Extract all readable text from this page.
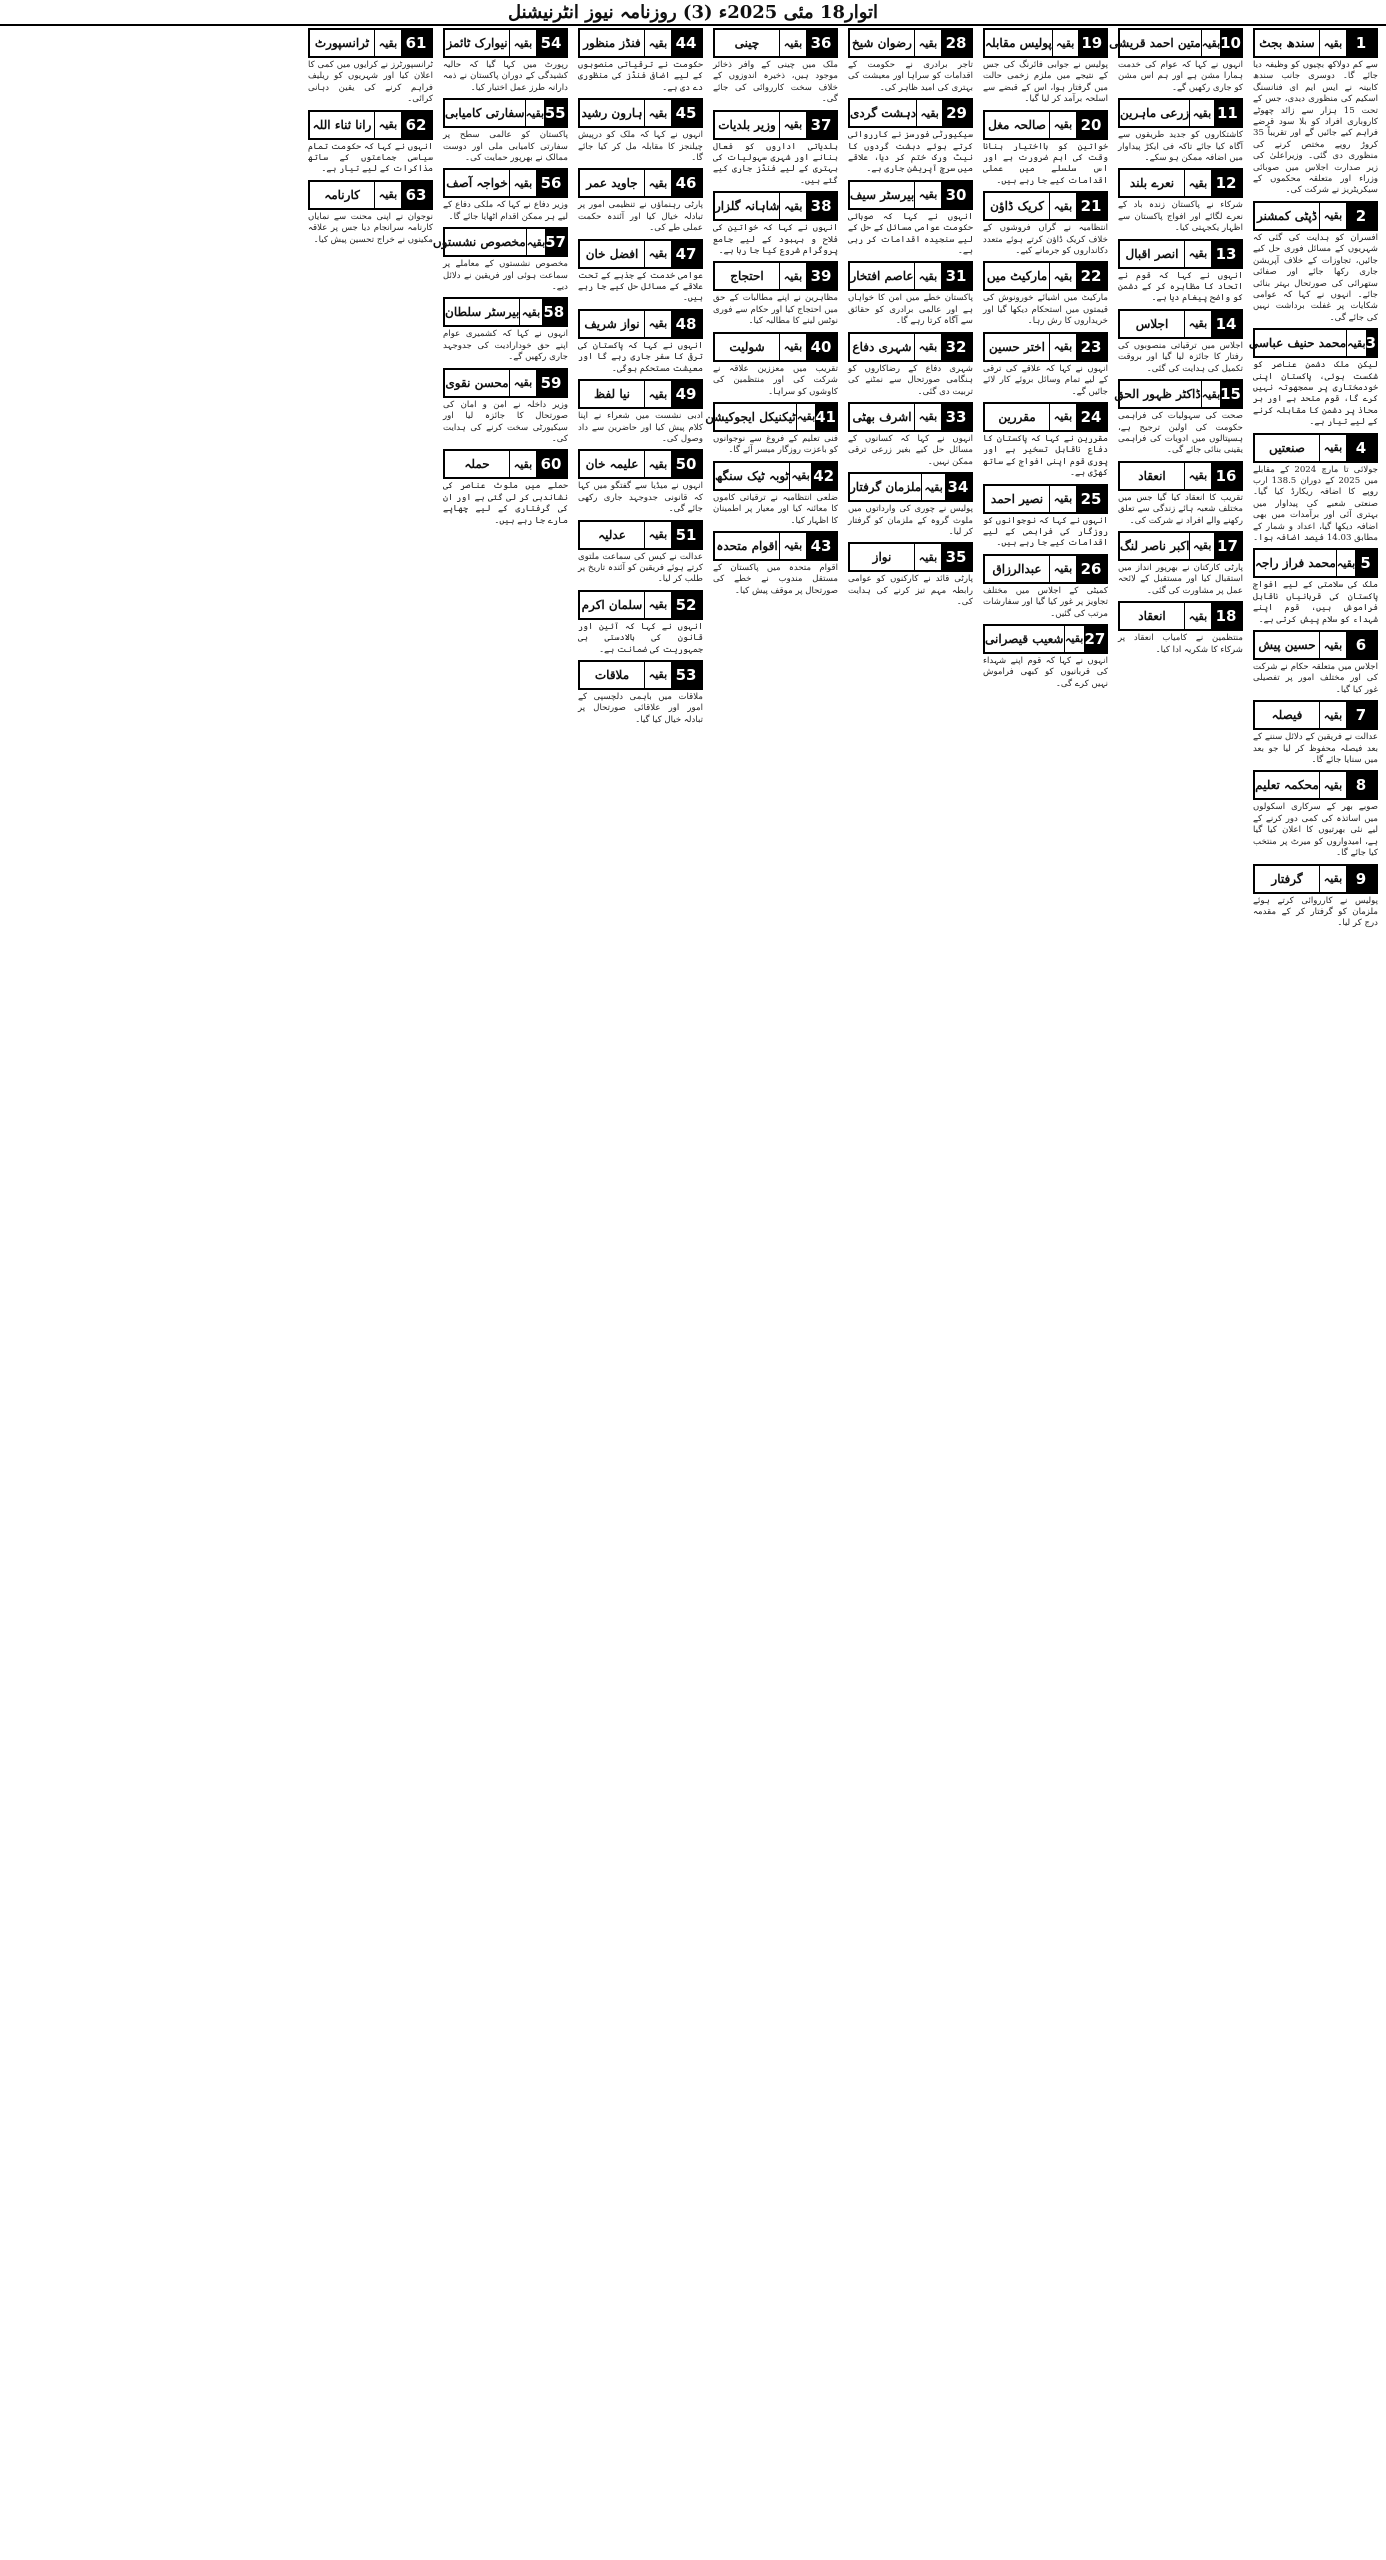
اتوار18 مئی 2025ء (3) روزنامہ نیوز انٹرنیشنل
1
بقیہ
سندھ بجٹ
سے کم دولاکھ بچیوں کو وظیفہ دیا جائے گا۔ دوسری جانب سندھ کابینہ نے ایس ایم ای فنانسنگ اسکیم کی منظوری دیدی، جس کے تحت 15 ہزار سے زائد چھوٹے کاروباری افراد کو بلا سود قرضے فراہم کیے جائیں گے اور تقریباً 35 کروڑ روپے مختص کرنے کی منظوری دی گئی۔ وزیراعلیٰ کی زیر صدارت اجلاس میں صوبائی وزراء اور متعلقہ محکموں کے سیکریٹریز نے شرکت کی۔
2
بقیہ
ڈپٹی کمشنر
افسران کو ہدایت کی گئی کہ شہریوں کے مسائل فوری حل کیے جائیں، تجاوزات کے خلاف آپریشن جاری رکھا جائے اور صفائی ستھرائی کی صورتحال بہتر بنائی جائے۔ انہوں نے کہا کہ عوامی شکایات پر غفلت برداشت نہیں کی جائے گی۔
3
بقیہ
محمد حنیف عباسی
لیکن ملک دشمن عناصر کو شکست ہوئی، پاکستان اپنی خودمختاری پر سمجھوتہ نہیں کرے گا، قوم متحد ہے اور ہر محاذ پر دشمن کا مقابلہ کرنے کے لیے تیار ہے۔
4
بقیہ
صنعتیں
جولائی تا مارچ 2024 کے مقابلے میں 2025 کے دوران 138.5 ارب روپے کا اضافہ ریکارڈ کیا گیا۔ صنعتی شعبے کی پیداوار میں بہتری آئی اور برآمدات میں بھی اضافہ دیکھا گیا، اعداد و شمار کے مطابق 14.03 فیصد اضافہ ہوا۔
5
بقیہ
محمد فراز راجہ
ملک کی سلامتی کے لیے افواج پاکستان کی قربانیاں ناقابل فراموش ہیں، قوم اپنے شہداء کو سلام پیش کرتی ہے۔
6
بقیہ
حسین پیش
اجلاس میں متعلقہ حکام نے شرکت کی اور مختلف امور پر تفصیلی غور کیا گیا۔
7
بقیہ
فیصلہ
عدالت نے فریقین کے دلائل سننے کے بعد فیصلہ محفوظ کر لیا جو بعد میں سنایا جائے گا۔
8
بقیہ
محکمہ تعلیم
صوبے بھر کے سرکاری اسکولوں میں اساتذہ کی کمی دور کرنے کے لیے نئی بھرتیوں کا اعلان کیا گیا ہے، امیدواروں کو میرٹ پر منتخب کیا جائے گا۔
9
بقیہ
گرفتار
پولیس نے کارروائی کرتے ہوئے ملزمان کو گرفتار کر کے مقدمہ درج کر لیا۔
10
بقیہ
متین احمد قریشی
انہوں نے کہا کہ عوام کی خدمت ہمارا مشن ہے اور ہم اس مشن کو جاری رکھیں گے۔
11
بقیہ
زرعی ماہرین
کاشتکاروں کو جدید طریقوں سے آگاہ کیا جائے تاکہ فی ایکڑ پیداوار میں اضافہ ممکن ہو سکے۔
12
بقیہ
نعرے بلند
شرکاء نے پاکستان زندہ باد کے نعرے لگائے اور افواج پاکستان سے اظہار یکجہتی کیا۔
13
بقیہ
انصر اقبال
انہوں نے کہا کہ قوم نے اتحاد کا مظاہرہ کر کے دشمن کو واضح پیغام دیا ہے۔
14
بقیہ
اجلاس
اجلاس میں ترقیاتی منصوبوں کی رفتار کا جائزہ لیا گیا اور بروقت تکمیل کی ہدایت کی گئی۔
15
بقیہ
ڈاکٹر ظہور الحق
صحت کی سہولیات کی فراہمی حکومت کی اولین ترجیح ہے، ہسپتالوں میں ادویات کی فراہمی یقینی بنائی جائے گی۔
16
بقیہ
انعقاد
تقریب کا انعقاد کیا گیا جس میں مختلف شعبہ ہائے زندگی سے تعلق رکھنے والے افراد نے شرکت کی۔
17
بقیہ
اکبر ناصر لنگ
پارٹی کارکنان نے بھرپور انداز میں استقبال کیا اور مستقبل کے لائحہ عمل پر مشاورت کی گئی۔
18
بقیہ
انعقاد
منتظمین نے کامیاب انعقاد پر شرکاء کا شکریہ ادا کیا۔
19
بقیہ
پولیس مقابلہ
پولیس نے جوابی فائرنگ کی جس کے نتیجے میں ملزم زخمی حالت میں گرفتار ہوا، اس کے قبضے سے اسلحہ برآمد کر لیا گیا۔
20
بقیہ
صالحہ مغل
خواتین کو بااختیار بنانا وقت کی اہم ضرورت ہے اور اس سلسلے میں عملی اقدامات کیے جا رہے ہیں۔
21
بقیہ
کریک ڈاؤن
انتظامیہ نے گراں فروشوں کے خلاف کریک ڈاؤن کرتے ہوئے متعدد دکانداروں کو جرمانے کیے۔
22
بقیہ
مارکیٹ میں
مارکیٹ میں اشیائے خورونوش کی قیمتوں میں استحکام دیکھا گیا اور خریداروں کا رش رہا۔
23
بقیہ
اختر حسین
انہوں نے کہا کہ علاقے کی ترقی کے لیے تمام وسائل بروئے کار لائے جائیں گے۔
24
بقیہ
مقررین
مقررین نے کہا کہ پاکستان کا دفاع ناقابل تسخیر ہے اور پوری قوم اپنی افواج کے ساتھ کھڑی ہے۔
25
بقیہ
نصیر احمد
انہوں نے کہا کہ نوجوانوں کو روزگار کی فراہمی کے لیے اقدامات کیے جا رہے ہیں۔
26
بقیہ
عبدالرزاق
کمیٹی کے اجلاس میں مختلف تجاویز پر غور کیا گیا اور سفارشات مرتب کی گئیں۔
27
بقیہ
شعیب قیصرانی
انہوں نے کہا کہ قوم اپنے شہداء کی قربانیوں کو کبھی فراموش نہیں کرے گی۔
28
بقیہ
رضوان شیخ
تاجر برادری نے حکومت کے اقدامات کو سراہا اور معیشت کی بہتری کی امید ظاہر کی۔
29
بقیہ
دہشت گردی
سیکیورٹی فورسز نے کارروائی کرتے ہوئے دہشت گردوں کا نیٹ ورک ختم کر دیا، علاقے میں سرچ آپریشن جاری ہے۔
30
بقیہ
بیرسٹر سیف
انہوں نے کہا کہ صوبائی حکومت عوامی مسائل کے حل کے لیے سنجیدہ اقدامات کر رہی ہے۔
31
بقیہ
عاصم افتخار
پاکستان خطے میں امن کا خواہاں ہے اور عالمی برادری کو حقائق سے آگاہ کرتا رہے گا۔
32
بقیہ
شہری دفاع
شہری دفاع کے رضاکاروں کو ہنگامی صورتحال سے نمٹنے کی تربیت دی گئی۔
33
بقیہ
اشرف بھٹی
انہوں نے کہا کہ کسانوں کے مسائل حل کیے بغیر زرعی ترقی ممکن نہیں۔
34
بقیہ
ملزمان گرفتار
پولیس نے چوری کی وارداتوں میں ملوث گروہ کے ملزمان کو گرفتار کر لیا۔
35
بقیہ
نواز
پارٹی قائد نے کارکنوں کو عوامی رابطہ مہم تیز کرنے کی ہدایت کی۔
36
بقیہ
چینی
ملک میں چینی کے وافر ذخائر موجود ہیں، ذخیرہ اندوزوں کے خلاف سخت کارروائی کی جائے گی۔
37
بقیہ
وزیر بلدیات
بلدیاتی اداروں کو فعال بنانے اور شہری سہولیات کی بہتری کے لیے فنڈز جاری کیے گئے ہیں۔
38
بقیہ
شاہانہ گلزار
انہوں نے کہا کہ خواتین کی فلاح و بہبود کے لیے جامع پروگرام شروع کیا جا رہا ہے۔
39
بقیہ
احتجاج
مظاہرین نے اپنے مطالبات کے حق میں احتجاج کیا اور حکام سے فوری نوٹس لینے کا مطالبہ کیا۔
40
بقیہ
شولیت
تقریب میں معززین علاقہ نے شرکت کی اور منتظمین کی کاوشوں کو سراہا۔
41
بقیہ
ٹیکنیکل ایجوکیشن
فنی تعلیم کے فروغ سے نوجوانوں کو باعزت روزگار میسر آئے گا۔
42
بقیہ
ٹوبہ ٹیک سنگھ
ضلعی انتظامیہ نے ترقیاتی کاموں کا معائنہ کیا اور معیار پر اطمینان کا اظہار کیا۔
43
بقیہ
اقوام متحدہ
اقوام متحدہ میں پاکستان کے مستقل مندوب نے خطے کی صورتحال پر موقف پیش کیا۔
44
بقیہ
فنڈز منظور
حکومت نے ترقیاتی منصوبوں کے لیے اضافی فنڈز کی منظوری دے دی ہے۔
45
بقیہ
ہارون رشید
انہوں نے کہا کہ ملک کو درپیش چیلنجز کا مقابلہ مل کر کیا جائے گا۔
46
بقیہ
جاوید عمر
پارٹی رہنماؤں نے تنظیمی امور پر تبادلہ خیال کیا اور آئندہ حکمت عملی طے کی۔
47
بقیہ
افضل خان
عوامی خدمت کے جذبے کے تحت علاقے کے مسائل حل کیے جا رہے ہیں۔
48
بقیہ
نواز شریف
انہوں نے کہا کہ پاکستان کی ترقی کا سفر جاری رہے گا اور معیشت مستحکم ہوگی۔
49
بقیہ
نیا لفظ
ادبی نشست میں شعراء نے اپنا کلام پیش کیا اور حاضرین سے داد وصول کی۔
50
بقیہ
علیمہ خان
انہوں نے میڈیا سے گفتگو میں کہا کہ قانونی جدوجہد جاری رکھی جائے گی۔
51
بقیہ
عدلیہ
عدالت نے کیس کی سماعت ملتوی کرتے ہوئے فریقین کو آئندہ تاریخ پر طلب کر لیا۔
52
بقیہ
سلمان اکرم
انہوں نے کہا کہ آئین اور قانون کی بالادستی ہی جمہوریت کی ضمانت ہے۔
53
بقیہ
ملاقات
ملاقات میں باہمی دلچسپی کے امور اور علاقائی صورتحال پر تبادلہ خیال کیا گیا۔
54
بقیہ
نیوارک ٹائمز
رپورٹ میں کہا گیا کہ حالیہ کشیدگی کے دوران پاکستان نے ذمہ دارانہ طرز عمل اختیار کیا۔
55
بقیہ
سفارتی کامیابی
پاکستان کو عالمی سطح پر سفارتی کامیابی ملی اور دوست ممالک نے بھرپور حمایت کی۔
56
بقیہ
خواجہ آصف
وزیر دفاع نے کہا کہ ملکی دفاع کے لیے ہر ممکن اقدام اٹھایا جائے گا۔
57
بقیہ
مخصوص نشستوں
مخصوص نشستوں کے معاملے پر سماعت ہوئی اور فریقین نے دلائل دیے۔
58
بقیہ
بیرسٹر سلطان
انہوں نے کہا کہ کشمیری عوام اپنے حق خودارادیت کی جدوجہد جاری رکھیں گے۔
59
بقیہ
محسن نقوی
وزیر داخلہ نے امن و امان کی صورتحال کا جائزہ لیا اور سیکیورٹی سخت کرنے کی ہدایت کی۔
60
بقیہ
حملہ
حملے میں ملوث عناصر کی نشاندہی کر لی گئی ہے اور ان کی گرفتاری کے لیے چھاپے مارے جا رہے ہیں۔
61
بقیہ
ٹرانسپورٹ
ٹرانسپورٹرز نے کرایوں میں کمی کا اعلان کیا اور شہریوں کو ریلیف فراہم کرنے کی یقین دہانی کرائی۔
62
بقیہ
رانا ثناء اللہ
انہوں نے کہا کہ حکومت تمام سیاسی جماعتوں کے ساتھ مذاکرات کے لیے تیار ہے۔
63
بقیہ
کارنامہ
نوجوان نے اپنی محنت سے نمایاں کارنامہ سرانجام دیا جس پر علاقہ مکینوں نے خراج تحسین پیش کیا۔
